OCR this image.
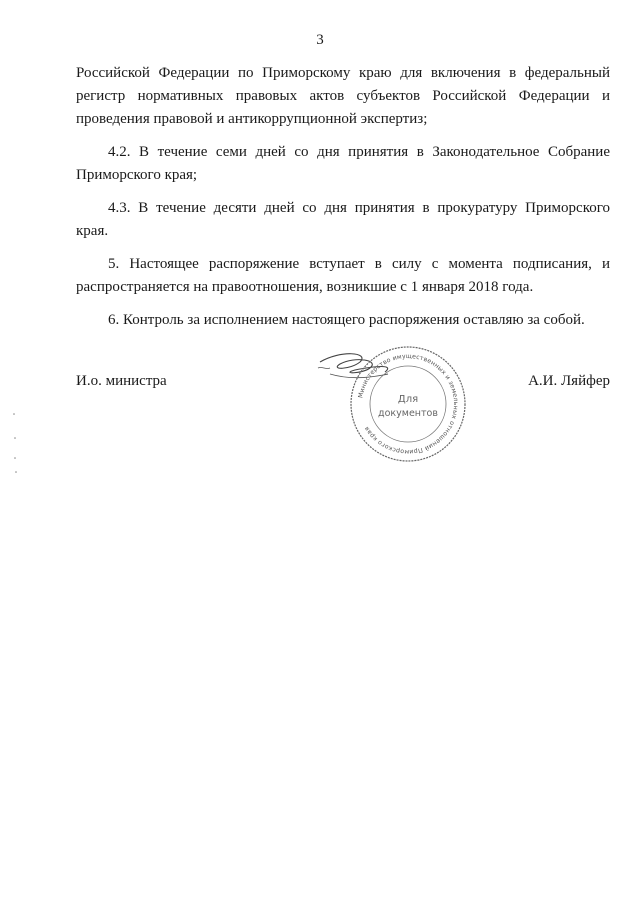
3

Российской Федерации по Приморскому краю для включения в федеральный
регистр нормативных правовых актов субъектов Российской Федерации и
проведения правовой и антикоррупционной экспертиз;

4.2. В течение семи дней со дня принятия в Законодательное Собрание
Приморского края;

4.3. В течение десяти дней со дня принятия в прокуратуру Приморского
края.

5. Настоящее распоряжение вступает в силу с момента подписания, и
распространяется на правоотношения, возникшие с 1 января 2018 года.

6. Контроль за исполнением настоящего распоряжения оставляю за собой.

И.о. министра	А.И. Ляйфер
Министерство имущественных и земельных отношений Приморского края
Для
документов
